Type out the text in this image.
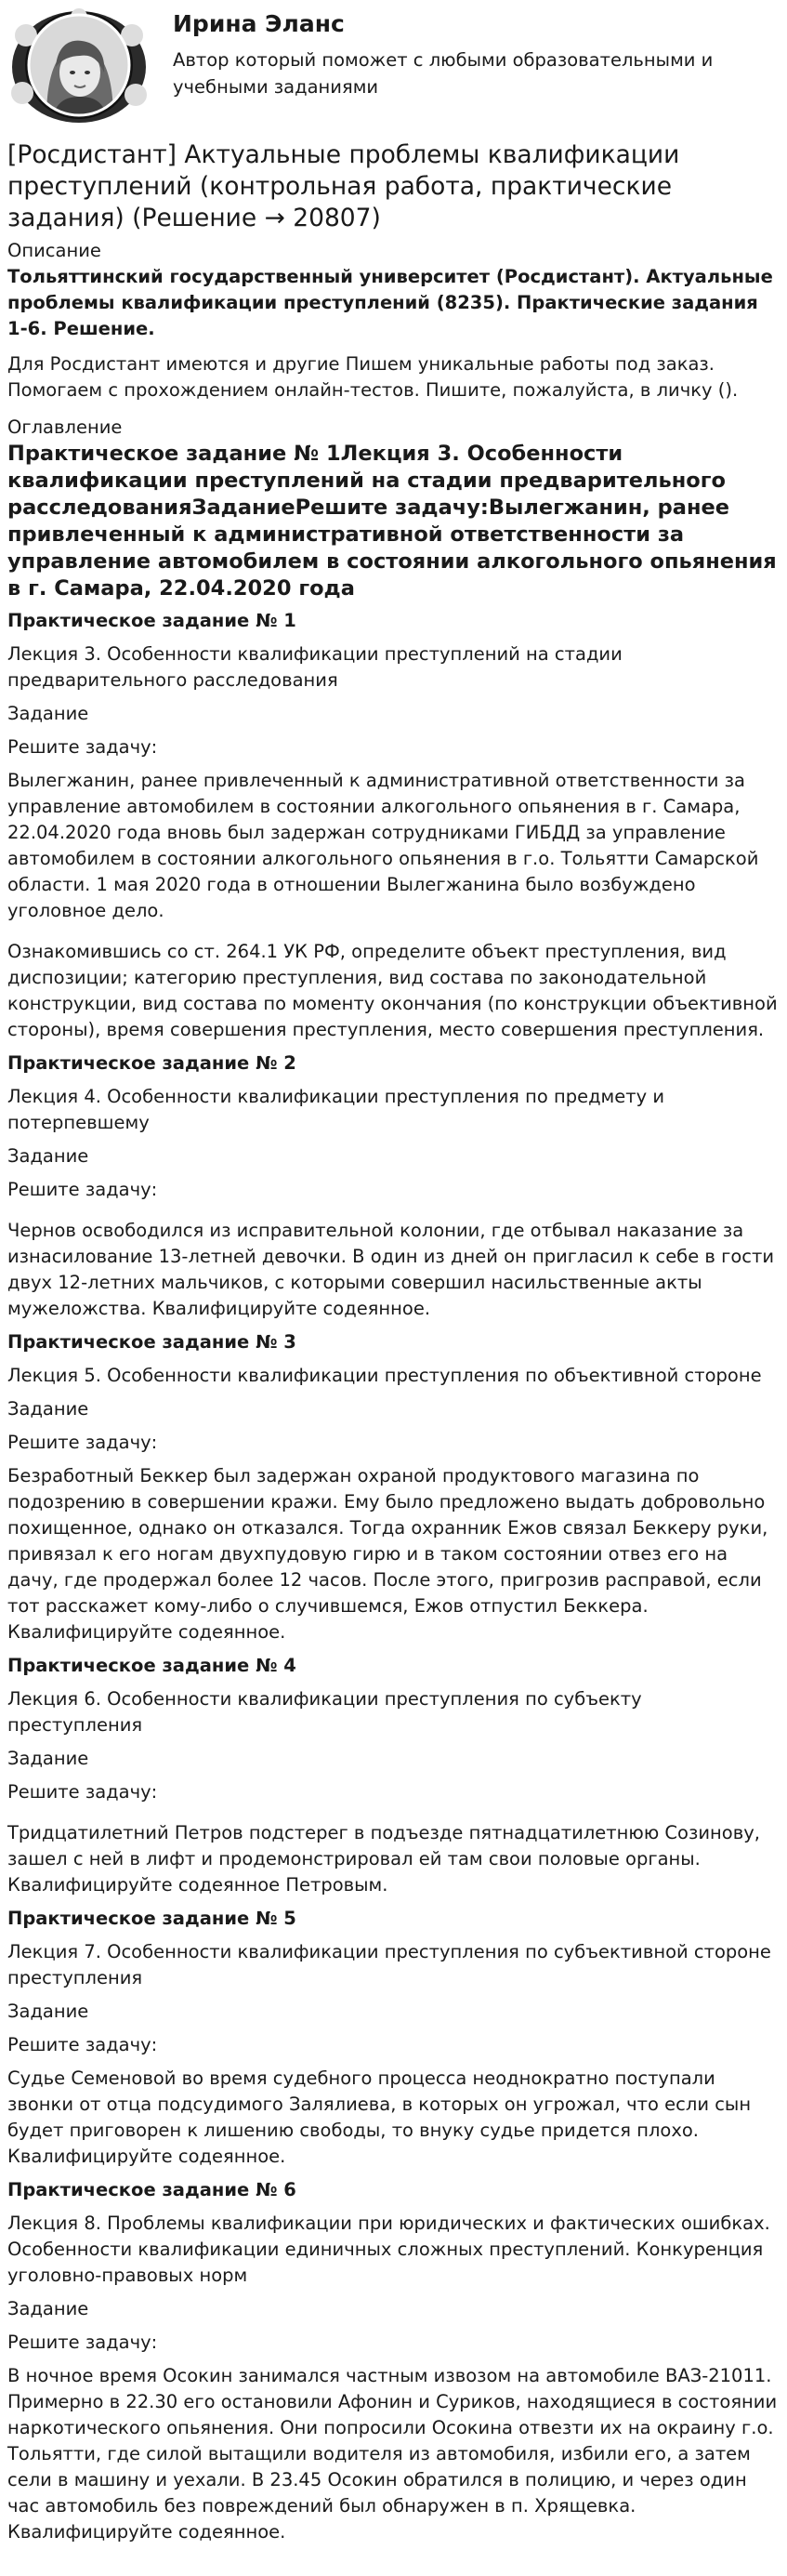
Ирина Эланс
Автор который поможет с любыми образовательными и учебными заданиями
[Росдистант] Актуальные проблемы квалификации преступлений (контрольная работа, практические задания) (Решение → 20807)
Описание

Тольяттинский государственный университет (Росдистант). Актуальные проблемы квалификации преступлений (8235). Практические задания 1-6. Решение.

Для Росдистант имеются и другие Пишем уникальные работы под заказ. Помогаем с прохождением онлайн-тестов. Пишите, пожалуйста, в личку ().

Оглавление
Практическое задание № 1Лекция 3. Особенности квалификации преступлений на стадии предварительного расследованияЗаданиеРешите задачу:Вылегжанин, ранее привлеченный к административной ответственности за управление автомобилем в состоянии алкогольного опьянения в г. Самара, 22.04.2020 года
Практическое задание № 1

Лекция 3. Особенности квалификации преступлений на стадии предварительного расследования

Задание

Решите задачу:

Вылегжанин, ранее привлеченный к административной ответственности за управление автомобилем в состоянии алкогольного опьянения в г. Самара, 22.04.2020 года вновь был задержан сотрудниками ГИБДД за управление автомобилем в состоянии алкогольного опьянения в г.о. Тольятти Самарской области. 1 мая 2020 года в отношении Вылегжанина было возбуждено уголовное дело.

Ознакомившись со ст. 264.1 УК РФ, определите объект преступления, вид диспозиции; категорию преступления, вид состава по законодательной конструкции, вид состава по моменту окончания (по конструкции объективной стороны), время совершения преступления, место совершения преступления.

Практическое задание № 2

Лекция 4. Особенности квалификации преступления по предмету и потерпевшему

Задание

Решите задачу:

Чернов освободился из исправительной колонии, где отбывал наказание за изнасилование 13-летней девочки. В один из дней он пригласил к себе в гости двух 12-летних мальчиков, с которыми совершил насильственные акты мужеложства. Квалифицируйте содеянное.

Практическое задание № 3

Лекция 5. Особенности квалификации преступления по объективной стороне

Задание

Решите задачу:

Безработный Беккер был задержан охраной продуктового магазина по подозрению в совершении кражи. Ему было предложено выдать добровольно похищенное, однако он отказался. Тогда охранник Ежов связал Беккеру руки, привязал к его ногам двухпудовую гирю и в таком состоянии отвез его на дачу, где продержал более 12 часов. После этого, пригрозив расправой, если тот расскажет кому-либо о случившемся, Ежов отпустил Беккера. Квалифицируйте содеянное.

Практическое задание № 4

Лекция 6. Особенности квалификации преступления по субъекту преступления

Задание

Решите задачу:

Тридцатилетний Петров подстерег в подъезде пятнадцатилетнюю Созинову, зашел с ней в лифт и продемонстрировал ей там свои половые органы. Квалифицируйте содеянное Петровым.

Практическое задание № 5

Лекция 7. Особенности квалификации преступления по субъективной стороне преступления

Задание

Решите задачу:

Судье Семеновой во время судебного процесса неоднократно поступали звонки от отца подсудимого Залялиева, в которых он угрожал, что если сын будет приговорен к лишению свободы, то внуку судье придется плохо. Квалифицируйте содеянное.

Практическое задание № 6

Лекция 8. Проблемы квалификации при юридических и фактических ошибках. Особенности квалификации единичных сложных преступлений. Конкуренция уголовно-правовых норм

Задание

Решите задачу:

В ночное время Осокин занимался частным извозом на автомобиле ВАЗ-21011. Примерно в 22.30 его остановили Афонин и Суриков, находящиеся в состоянии наркотического опьянения. Они попросили Осокина отвезти их на окраину г.о. Тольятти, где силой вытащили водителя из автомобиля, избили его, а затем сели в машину и уехали. В 23.45 Осокин обратился в полицию, и через один час автомобиль без повреждений был обнаружен в п. Хрящевка. Квалифицируйте содеянное.
